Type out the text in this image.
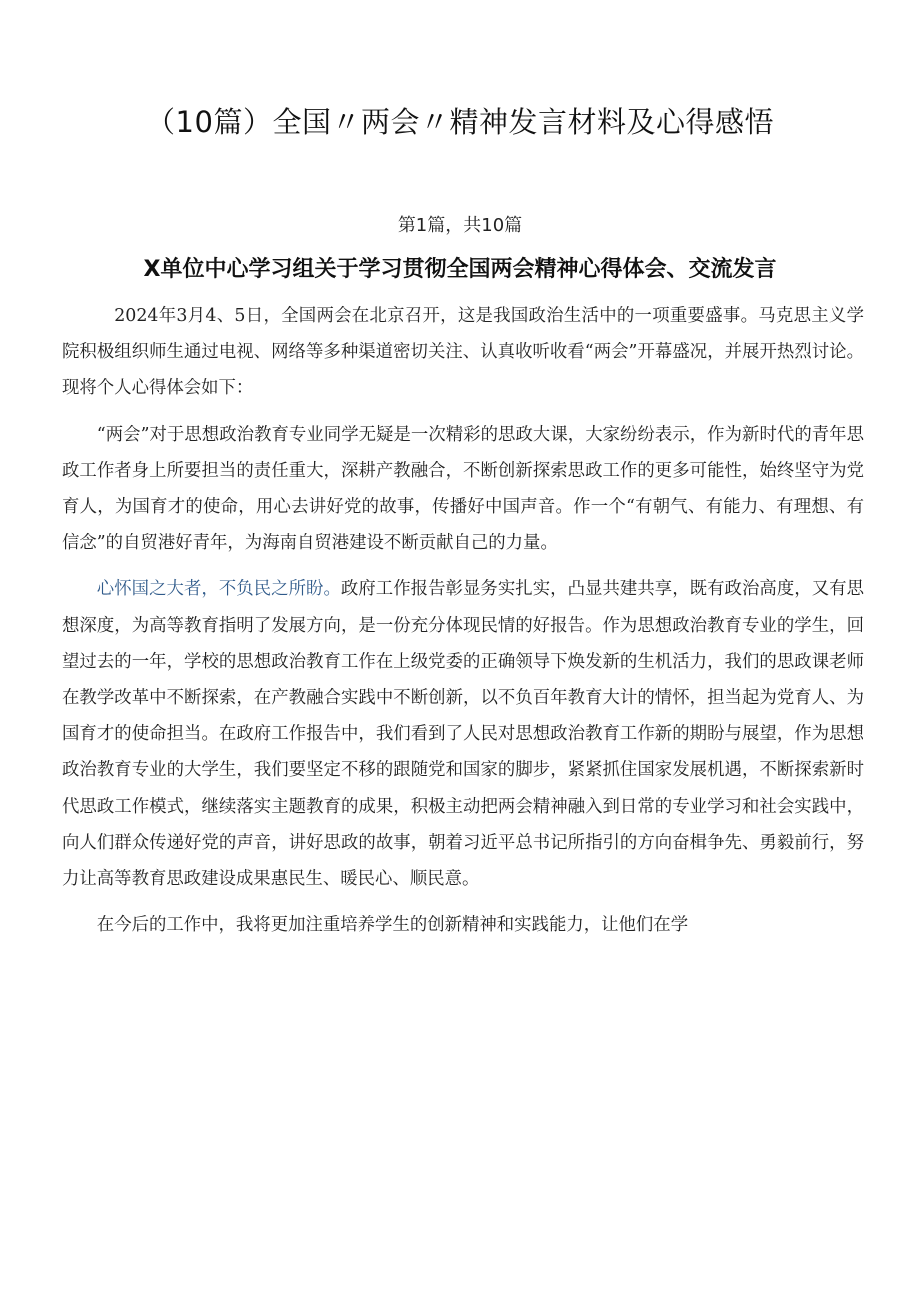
（10篇）全国〃两会〃精神发言材料及心得感悟
第1篇，共10篇
X单位中心学习组关于学习贯彻全国两会精神心得体会、交流发言

2024年3月4、5日，全国两会在北京召开，这是我国政治生活中的一项重要盛事。马克思主义学院积极组织师生通过电视、网络等多种渠道密切关注、认真收听收看“两会”开幕盛况，并展开热烈讨论。现将个人心得体会如下：

“两会”对于思想政治教育专业同学无疑是一次精彩的思政大课，大家纷纷表示，作为新时代的青年思政工作者身上所要担当的责任重大，深耕产教融合，不断创新探索思政工作的更多可能性，始终坚守为党育人，为国育才的使命，用心去讲好党的故事，传播好中国声音。作一个“有朝气、有能力、有理想、有信念”的自贸港好青年，为海南自贸港建设不断贡献自己的力量。

心怀国之大者，不负民之所盼。政府工作报告彰显务实扎实，凸显共建共享，既有政治高度，又有思想深度，为高等教育指明了发展方向，是一份充分体现民情的好报告。作为思想政治教育专业的学生，回望过去的一年，学校的思想政治教育工作在上级党委的正确领导下焕发新的生机活力，我们的思政课老师在教学改革中不断探索，在产教融合实践中不断创新，以不负百年教育大计的情怀，担当起为党育人、为国育才的使命担当。在政府工作报告中，我们看到了人民对思想政治教育工作新的期盼与展望，作为思想政治教育专业的大学生，我们要坚定不移的跟随党和国家的脚步，紧紧抓住国家发展机遇，不断探索新时代思政工作模式，继续落实主题教育的成果，积极主动把两会精神融入到日常的专业学习和社会实践中，向人们群众传递好党的声音，讲好思政的故事，朝着习近平总书记所指引的方向奋楫争先、勇毅前行，努力让高等教育思政建设成果惠民生、暖民心、顺民意。

在今后的工作中，我将更加注重培养学生的创新精神和实践能力，让他们在学
